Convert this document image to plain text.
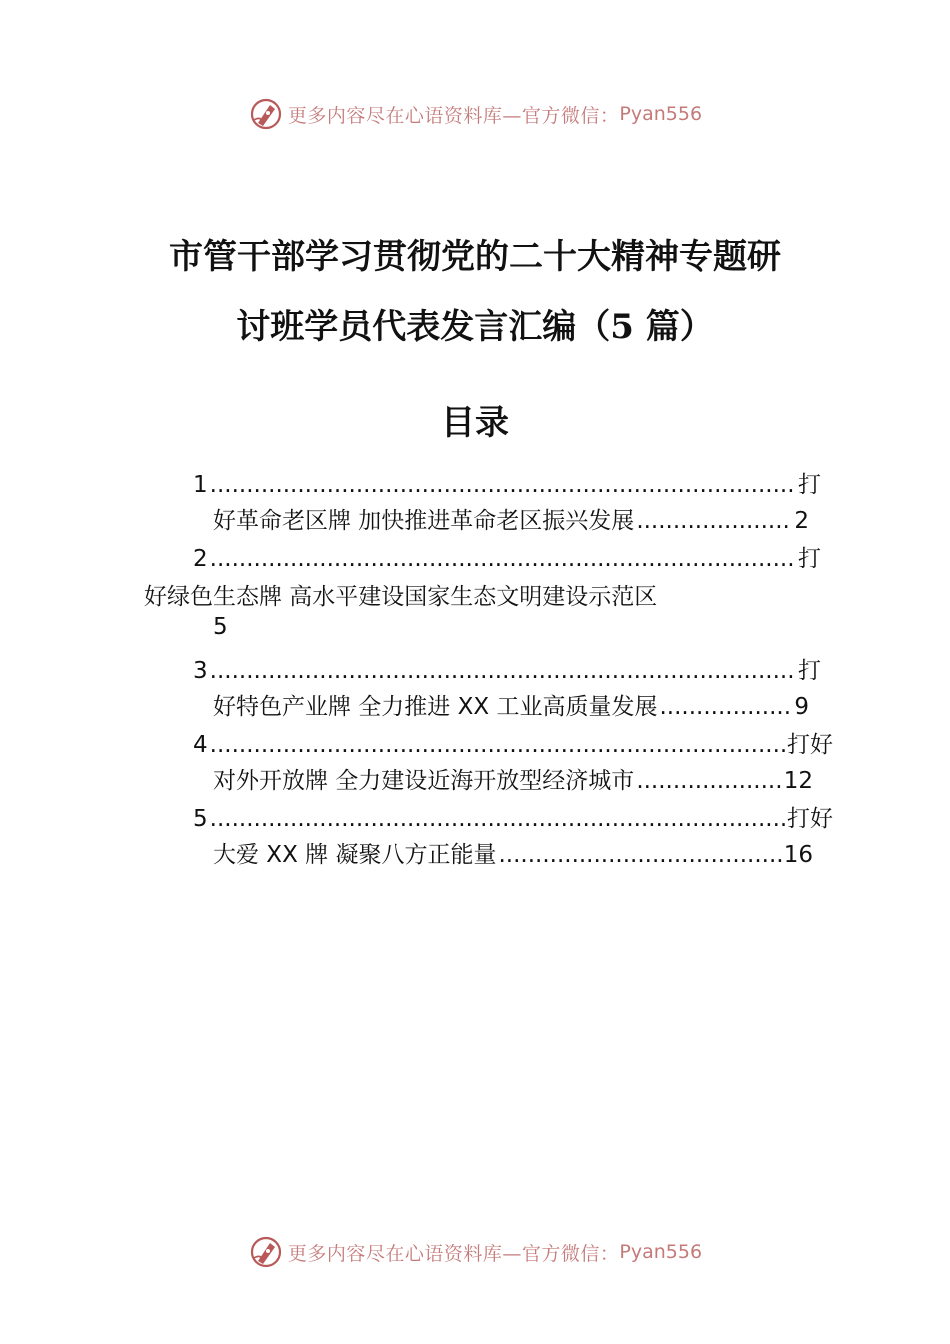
更多内容尽在心语资料库—官方微信： Pyan556
市管干部学习贯彻党的二十大精神专题研
讨班学员代表发言汇编（5 篇）
目录
1 .....	打
好革命老区牌 加快推进革命老区振兴发展 .....	2
2 .....	打
好绿色生态牌 高水平建设国家生态文明建设示范区
5
3 .....	打
好特色产业牌 全力推进 XX 工业高质量发展 .....	9
4 .....	打好
对外开放牌 全力建设近海开放型经济城市 .....	12
5 .....	打好
大爱 XX 牌 凝聚八方正能量 .....	16
更多内容尽在心语资料库—官方微信： Pyan556
